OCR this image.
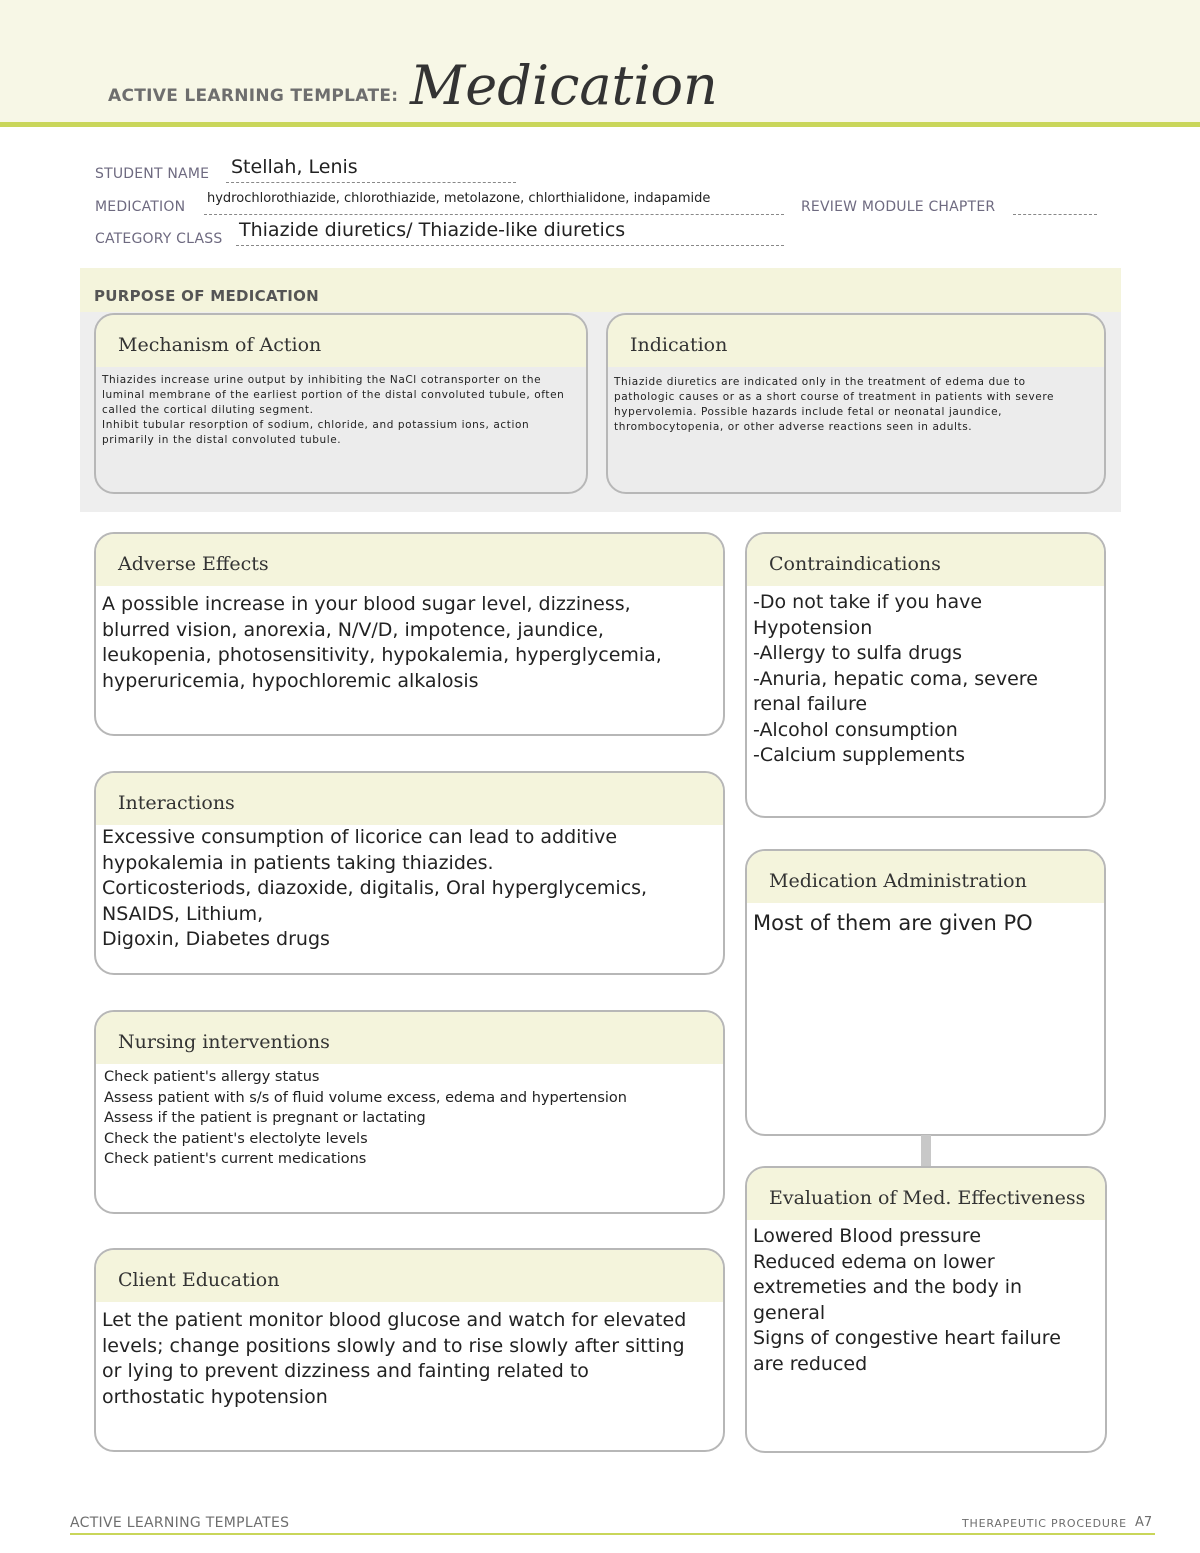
ACTIVE LEARNING TEMPLATE: Medication
STUDENT NAME Stellah, Lenis
MEDICATION
hydrochlorothiazide, chlorothiazide, metolazone, chlorthialidone, indapamide
REVIEW MODULE CHAPTER
CATEGORY CLASS Thiazide diuretics/ Thiazide-like diuretics
PURPOSE OF MEDICATION
Mechanism of Action
Thiazides increase urine output by inhibiting the NaCl cotransporter on the
luminal membrane of the earliest portion of the distal convoluted tubule, often
called the cortical diluting segment.
Inhibit tubular resorption of sodium, chloride, and potassium ions, action
primarily in the distal convoluted tubule.
Indication
Thiazide diuretics are indicated only in the treatment of edema due to
pathologic causes or as a short course of treatment in patients with severe
hypervolemia. Possible hazards include fetal or neonatal jaundice,
thrombocytopenia, or other adverse reactions seen in adults.
Adverse Effects
A possible increase in your blood sugar level, dizziness,
blurred vision, anorexia, N/V/D, impotence, jaundice,
leukopenia, photosensitivity, hypokalemia, hyperglycemia,
hyperuricemia, hypochloremic alkalosis
Contraindications
-Do not take if you have
Hypotension
-Allergy to sulfa drugs
-Anuria, hepatic coma, severe
renal failure
-Alcohol consumption
-Calcium supplements
Interactions
Excessive consumption of licorice can lead to additive
hypokalemia in patients taking thiazides.
Corticosteriods, diazoxide, digitalis, Oral hyperglycemics,
NSAIDS, Lithium,
Digoxin, Diabetes drugs
Medication Administration
Most of them are given PO
Nursing interventions
Check patient's allergy status
Assess patient with s/s of fluid volume excess, edema and hypertension
Assess if the patient is pregnant or lactating
Check the patient's electolyte levels
Check patient's current medications
Evaluation of Med. Effectiveness
Lowered Blood pressure
Reduced edema on lower
extremeties and the body in
general
Signs of congestive heart failure
are reduced
Client Education
Let the patient monitor blood glucose and watch for elevated
levels; change positions slowly and to rise slowly after sitting
or lying to prevent dizziness and fainting related to
orthostatic hypotension
ACTIVE LEARNING TEMPLATES	THERAPEUTIC PROCEDURE A7
